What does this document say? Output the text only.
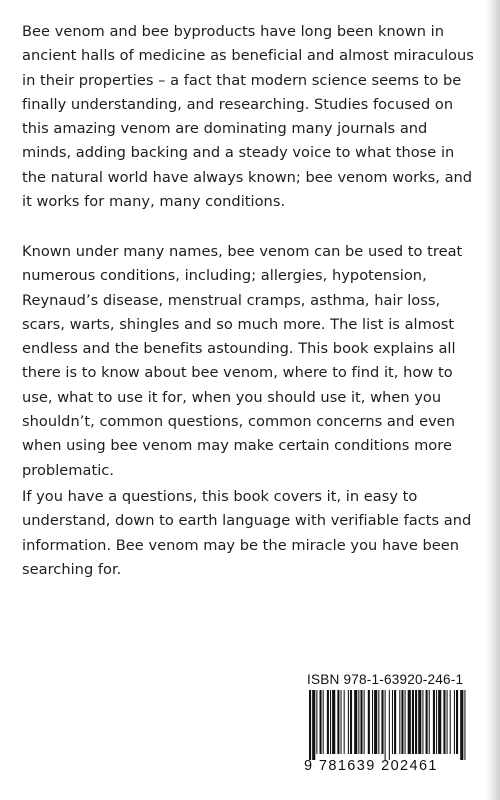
Bee venom and bee byproducts have long been known in ancient halls of medicine as beneficial and almost miraculous in their properties – a fact that modern science seems to be finally understanding, and researching. Studies focused on this amazing venom are dominating many journals and minds, adding backing and a steady voice to what those in the natural world have always known; bee venom works, and it works for many, many conditions.

Known under many names, bee venom can be used to treat numerous conditions, including; allergies, hypotension, Reynaud’s disease, menstrual cramps, asthma, hair loss, scars, warts, shingles and so much more. The list is almost endless and the benefits astounding. This book explains all there is to know about bee venom, where to find it, how to use, what to use it for, when you should use it, when you shouldn’t, common questions, common concerns and even when using bee venom may make certain conditions more problematic.

If you have a questions, this book covers it, in easy to understand, down to earth language with verifiable facts and information. Bee venom may be the miracle you have been searching for.

ISBN 978-1-63920-246-1
9 781639 202461
